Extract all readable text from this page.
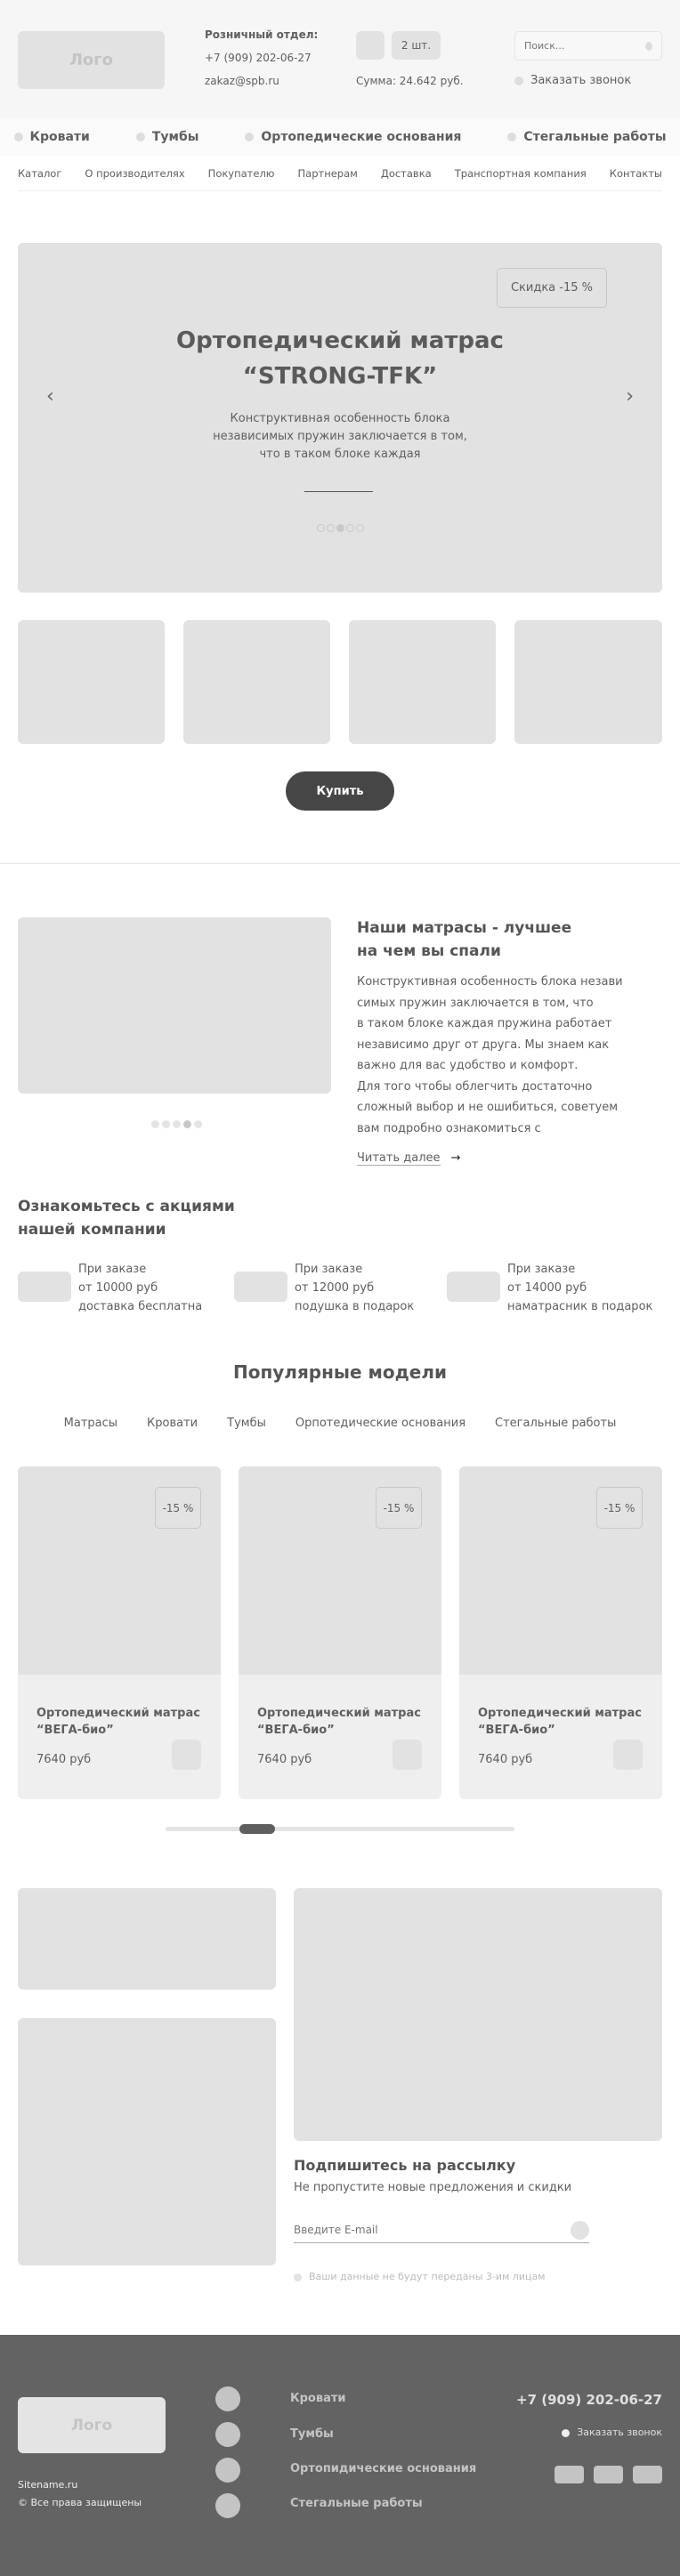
Лого
Розничный отдел:
+7 (909) 202-06-27
zakaz@spb.ru
2 шт.
Сумма: 24.642 руб.
Поиск...	Заказать звонок
Кровати	Тумбы	Ортопедические основания	Стегальные работы
Каталог О производителях Покупателю Партнерам Доставка Транспортная компания Контакты
Скидка -15 %
Ортопедический матрас
“STRONG-TFK”
Конструктивная особенность блока
независимых пружин заключается в том,
что в таком блоке каждая
‹	›
Купить
Наши матрасы - лучшее
на чем вы спали
Конструктивная особенность блока незави
симых пружин заключается в том, что
в таком блоке каждая пружина работает
независимо друг от друга. Мы знаем как
важно для вас удобство и комфорт.
Для того чтобы облегчить достаточно
сложный выбор и не ошибиться, советуем
вам подробно ознакомиться с
Читать далее →
Ознакомьтесь с акциями
нашей компании
При заказе
от 10000 руб
доставка бесплатна
При заказе
от 12000 руб
подушка в подарок
При заказе
от 14000 руб
наматрасник в подарок
Популярные модели
Матрасы	Кровати	Тумбы	Орпотедические основания	Стегальные работы
-15 %
Ортопедический матрас
“ВЕГА-био”
7640 руб
-15 %
Ортопедический матрас
“ВЕГА-био”
7640 руб
-15 %
Ортопедический матрас
“ВЕГА-био”
7640 руб
Подпишитесь на рассылку
Не пропустите новые предложения и скидки
Введите E-mail
Ваши данные не будут переданы 3-им лицам
Лого
Sitename.ru
© Все права защищены
Кровати
Тумбы
Ортопидические основания
Стегальные работы
+7 (909) 202-06-27
Заказать звонок
